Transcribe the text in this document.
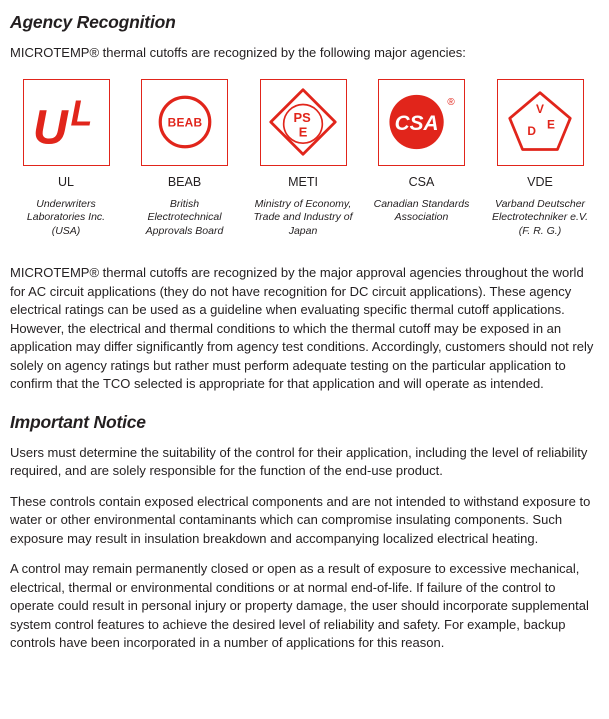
Agency Recognition

MICROTEMP® thermal cutoffs are recognized by the following major agencies:

U L
UL
Underwriters Laboratories Inc. (USA)
BEAB
BEAB
British Electrotechnical Approvals Board
PS
E
METI
Ministry of Economy, Trade and Industry of Japan
CSA
®
CSA
Canadian Standards Association
V
D E
VDE
Varband Deutscher Electrotechniker e.V. (F. R. G.)

MICROTEMP® thermal cutoffs are recognized by the major approval agencies throughout the world for AC circuit applications (they do not have recognition for DC circuit applications). These agency electrical ratings can be used as a guideline when evaluating specific thermal cutoff applications. However, the electrical and thermal conditions to which the thermal cutoff may be exposed in an application may differ significantly from agency test conditions. Accordingly, customers should not rely solely on agency ratings but rather must perform adequate testing on the particular application to confirm that the TCO selected is appropriate for that application and will operate as intended.

Important Notice

Users must determine the suitability of the control for their application, including the level of reliability required, and are solely responsible for the function of the end-use product.

These controls contain exposed electrical components and are not intended to withstand exposure to water or other environmental contaminants which can compromise insulating components. Such exposure may result in insulation breakdown and accompanying localized electrical heating.

A control may remain permanently closed or open as a result of exposure to excessive mechanical, electrical, thermal or environmental conditions or at normal end-of-life. If failure of the control to operate could result in personal injury or property damage, the user should incorporate supplemental system control features to achieve the desired level of reliability and safety. For example, backup controls have been incorporated in a number of applications for this reason.
